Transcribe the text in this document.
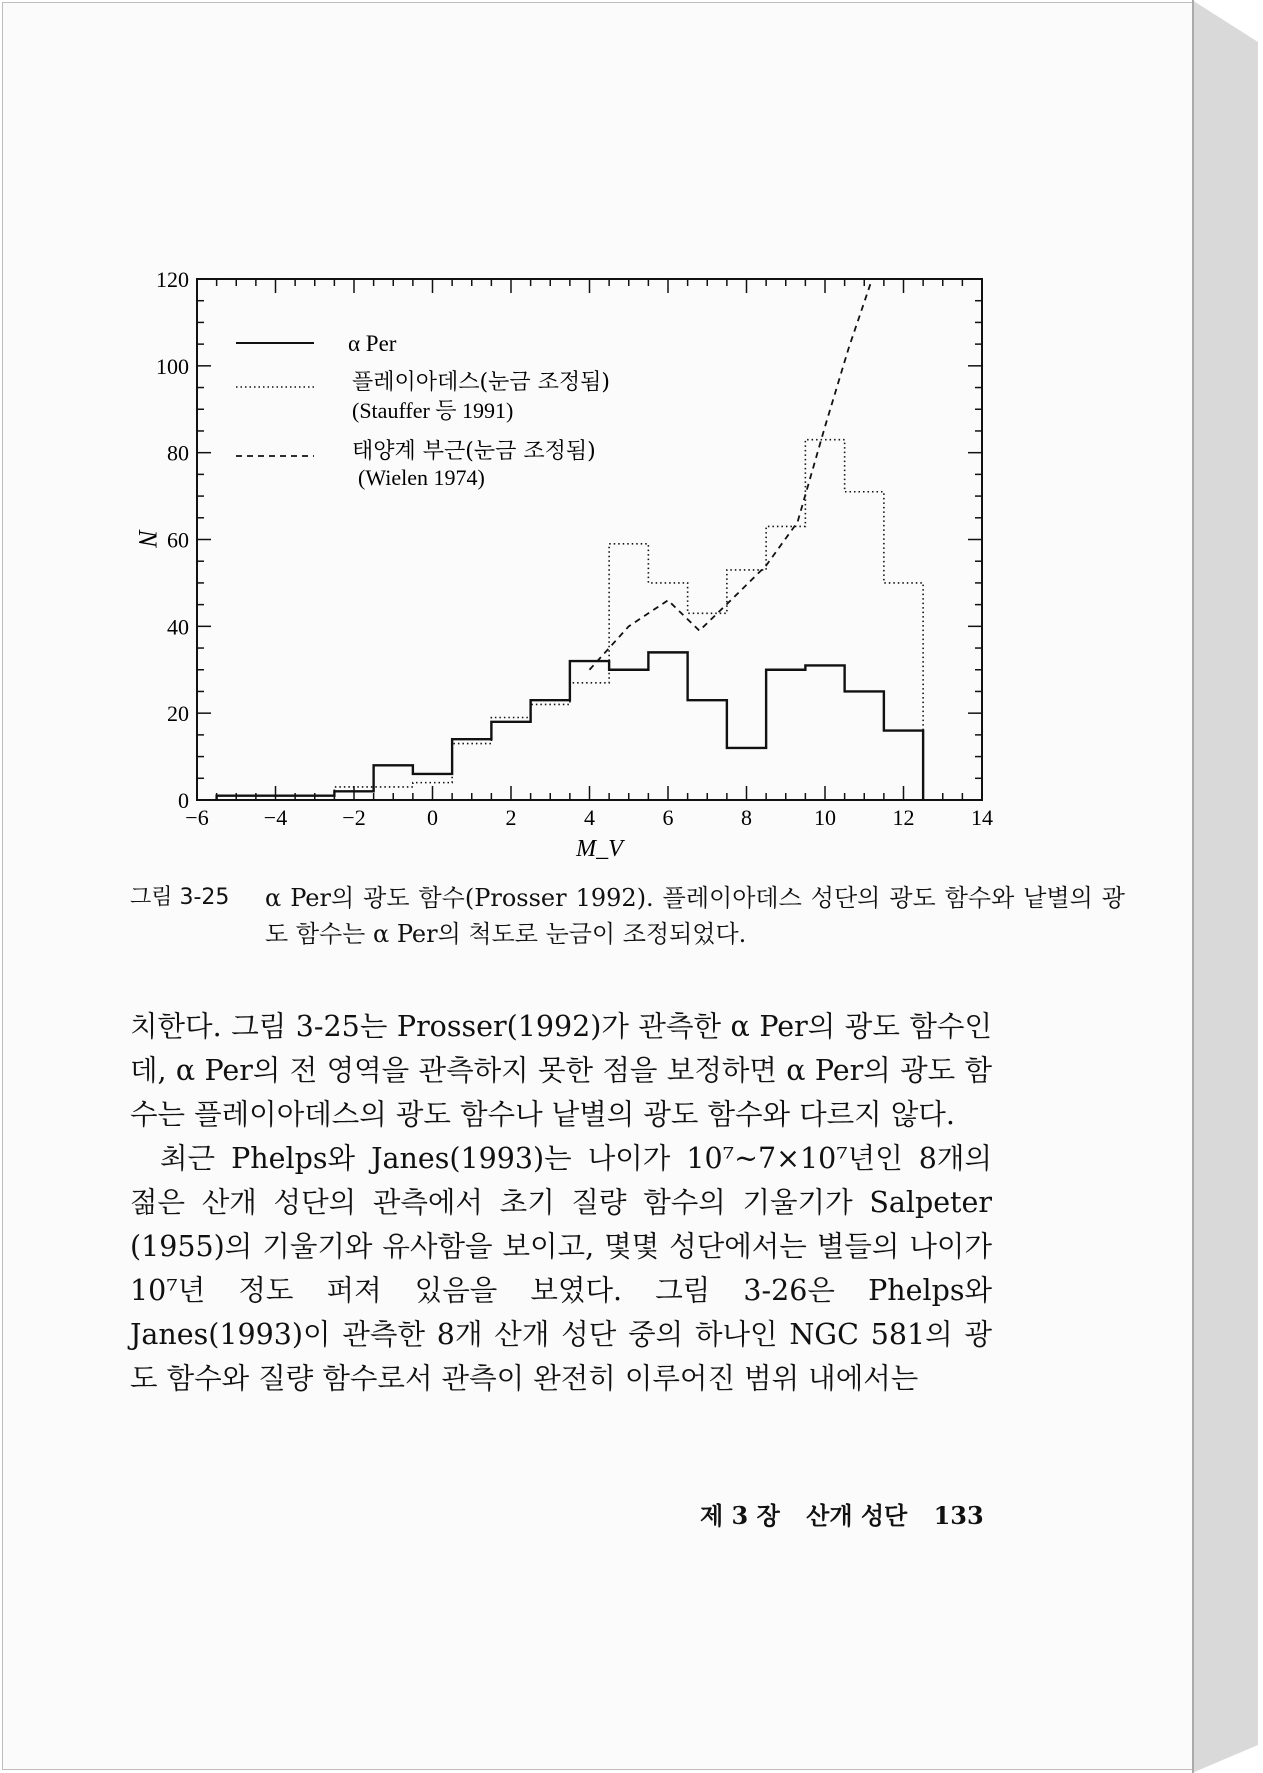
−6	−4	−2	0	2	4	6	8	10	12	14
0
20
40
60
80
100
120
M_V
N
α Per
플레이아데스(눈금 조정됨)
(Stauffer 등 1991)
태양계 부근(눈금 조정됨)
(Wielen 1974)
그림 3-25 α Per의 광도 함수(Prosser 1992). 플레이아데스 성단의 광도 함수와 낱별의 광도 함수는 α Per의 척도로 눈금이 조정되었다.

치한다. 그림 3-25는 Prosser(1992)가 관측한 α Per의 광도 함수인데, α Per의 전 영역을 관측하지 못한 점을 보정하면 α Per의 광도 함수는 플레이아데스의 광도 함수나 낱별의 광도 함수와 다르지 않다.

최근 Phelps와 Janes(1993)는 나이가 10⁷~7×10⁷년인 8개의 젊은 산개 성단의 관측에서 초기 질량 함수의 기울기가 Salpeter (1955)의 기울기와 유사함을 보이고, 몇몇 성단에서는 별들의 나이가 10⁷년 정도 퍼져 있음을 보였다. 그림 3-26은 Phelps와 Janes(1993)이 관측한 8개 산개 성단 중의 하나인 NGC 581의 광도 함수와 질량 함수로서 관측이 완전히 이루어진 범위 내에서는

제 3 장 산개 성단 133
